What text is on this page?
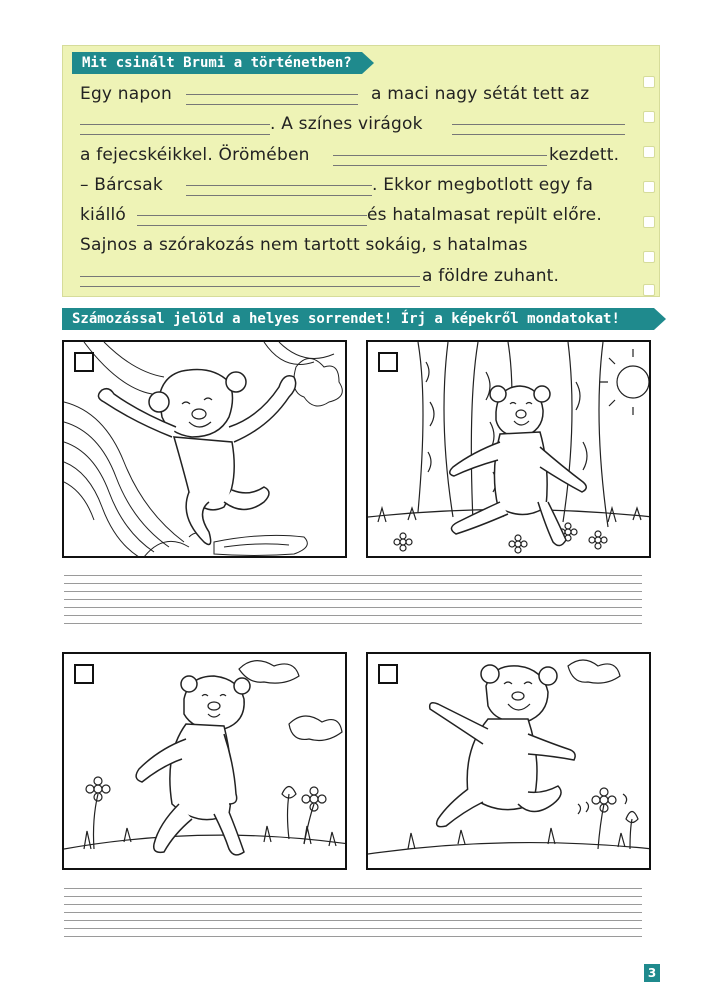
Mit csinált Brumi a történetben?
Egy napon	a maci nagy sétát tett az
. A színes virágok
a fejecskéikkel. Örömében	kezdett.
– Bárcsak	. Ekkor megbotlott egy fa
kiálló	és hatalmasat repült előre.
Sajnos a szórakozás nem tartott sokáig, s hatalmas
a földre zuhant.
Számozással jelöld a helyes sorrendet! Írj a képekről mondatokat!
3
